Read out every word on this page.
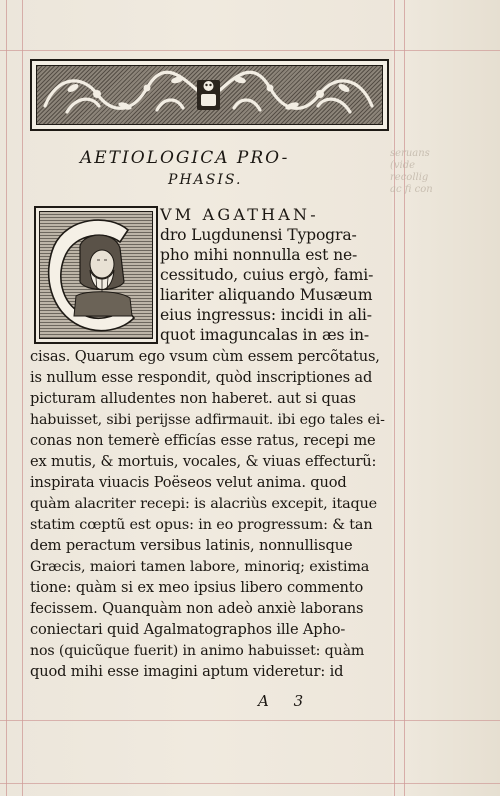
seruans
(vide
recollig
ac fi con
AETIOLOGICA PRO-
PHASIS.
VM AGATHAN-
dro Lugdunensi Typogra-
pho mihi nonnulla est ne-
cessitudo, cuius ergò, fami-
liariter aliquando Musæum
eius ingressus: incidi in ali-
quot imaguncalas in æs in-
cisas. Quarum ego vsum cùm essem percõtatus,
is nullum esse respondit, quòd inscriptiones ad
picturam alludentes non haberet. aut si quas
habuisset, sibi perijsse adfirmauit. ibi ego tales ei-
conas non temerè efficías esse ratus, recepi me
ex mutis, & mortuis, vocales, & viuas effecturũ:
inspirata viuacis Poëseos velut anima. quod
quàm alacriter recepi: is alacriùs excepit, itaque
statim cœptũ est opus: in eo progressum: & tan
dem peractum versibus latinis, nonnullisque
Græcis, maiori tamen labore, minoriq; existima
tione: quàm si ex meo ipsius libero commento
fecissem. Quanquàm non adeò anxiè laborans
coniectari quid Agalmatographos ille Apho-
nos (quicũque fuerit) in animo habuisset: quàm
quod mihi esse imagini aptum videretur: id
A 3
